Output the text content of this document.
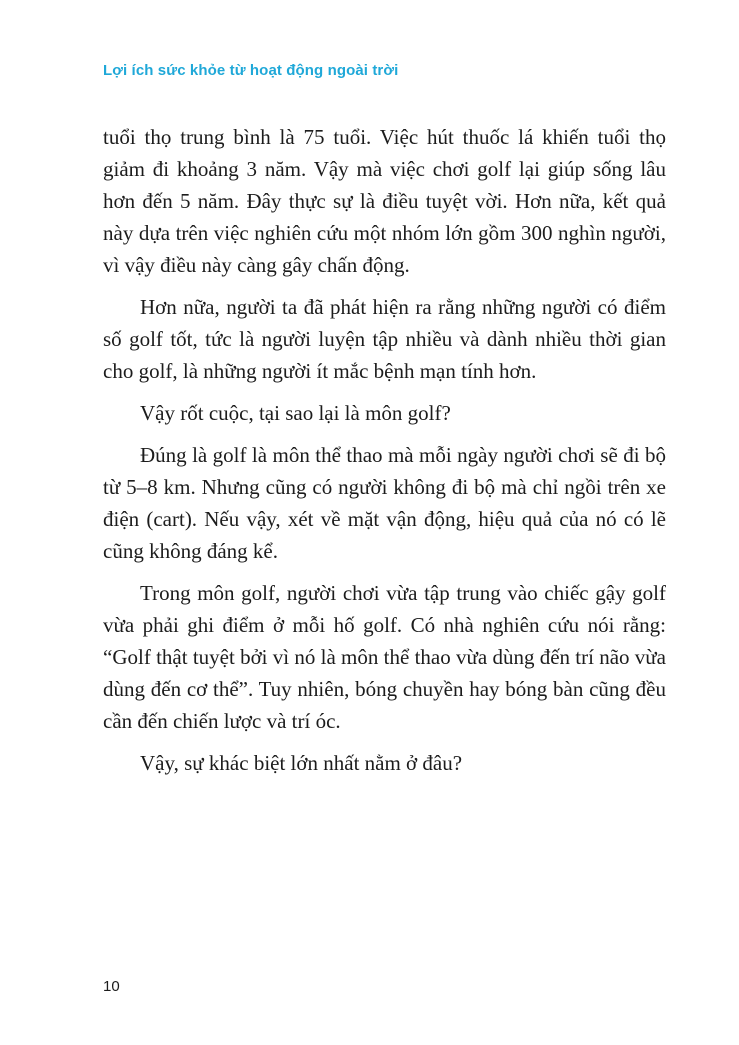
Lợi ích sức khỏe từ hoạt động ngoài trời

tuổi thọ trung bình là 75 tuổi. Việc hút thuốc lá khiến tuổi thọ giảm đi khoảng 3 năm. Vậy mà việc chơi golf lại giúp sống lâu hơn đến 5 năm. Đây thực sự là điều tuyệt vời. Hơn nữa, kết quả này dựa trên việc nghiên cứu một nhóm lớn gồm 300 nghìn người, vì vậy điều này càng gây chấn động.

Hơn nữa, người ta đã phát hiện ra rằng những người có điểm số golf tốt, tức là người luyện tập nhiều và dành nhiều thời gian cho golf, là những người ít mắc bệnh mạn tính hơn.

Vậy rốt cuộc, tại sao lại là môn golf?

Đúng là golf là môn thể thao mà mỗi ngày người chơi sẽ đi bộ từ 5–8 km. Nhưng cũng có người không đi bộ mà chỉ ngồi trên xe điện (cart). Nếu vậy, xét về mặt vận động, hiệu quả của nó có lẽ cũng không đáng kể.

Trong môn golf, người chơi vừa tập trung vào chiếc gậy golf vừa phải ghi điểm ở mỗi hố golf. Có nhà nghiên cứu nói rằng: “Golf thật tuyệt bởi vì nó là môn thể thao vừa dùng đến trí não vừa dùng đến cơ thể”. Tuy nhiên, bóng chuyền hay bóng bàn cũng đều cần đến chiến lược và trí óc.

Vậy, sự khác biệt lớn nhất nằm ở đâu?

10
